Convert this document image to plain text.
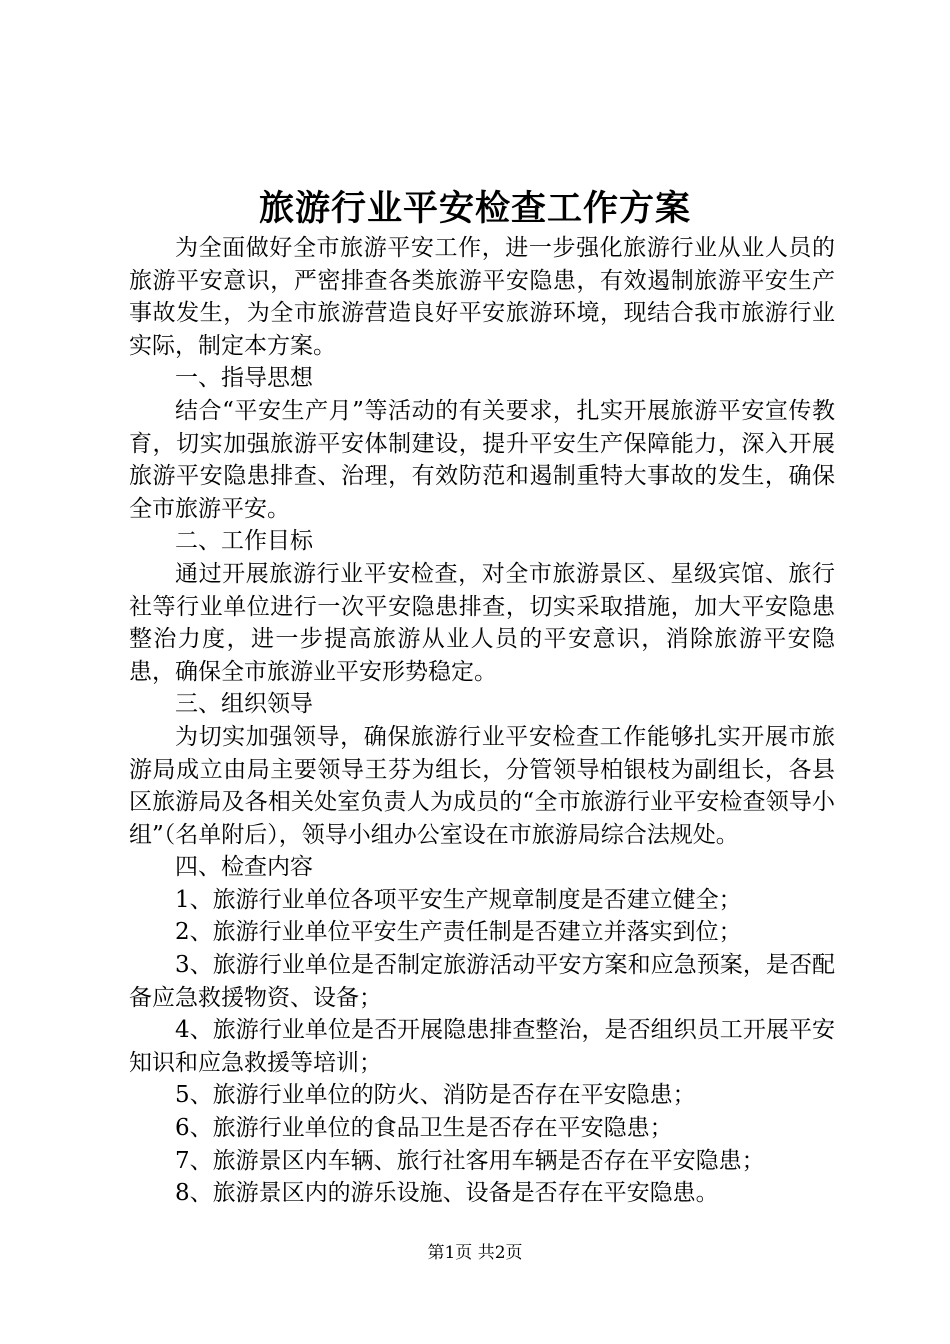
旅游行业平安检查工作方案

为全面做好全市旅游平安工作，进一步强化旅游行业从业人员的旅游平安意识，严密排查各类旅游平安隐患，有效遏制旅游平安生产事故发生，为全市旅游营造良好平安旅游环境，现结合我市旅游行业实际，制定本方案。

一、指导思想

结合“平安生产月”等活动的有关要求，扎实开展旅游平安宣传教育，切实加强旅游平安体制建设，提升平安生产保障能力，深入开展旅游平安隐患排查、治理，有效防范和遏制重特大事故的发生，确保全市旅游平安。

二、工作目标

通过开展旅游行业平安检查，对全市旅游景区、星级宾馆、旅行社等行业单位进行一次平安隐患排查，切实采取措施，加大平安隐患整治力度，进一步提高旅游从业人员的平安意识，消除旅游平安隐患，确保全市旅游业平安形势稳定。

三、组织领导

为切实加强领导，确保旅游行业平安检查工作能够扎实开展市旅游局成立由局主要领导王芬为组长，分管领导柏银枝为副组长，各县区旅游局及各相关处室负责人为成员的“全市旅游行业平安检查领导小组”（名单附后），领导小组办公室设在市旅游局综合法规处。

四、检查内容

1、旅游行业单位各项平安生产规章制度是否建立健全；

2、旅游行业单位平安生产责任制是否建立并落实到位；

3、旅游行业单位是否制定旅游活动平安方案和应急预案，是否配备应急救援物资、设备；

4、旅游行业单位是否开展隐患排查整治，是否组织员工开展平安知识和应急救援等培训；

5、旅游行业单位的防火、消防是否存在平安隐患；

6、旅游行业单位的食品卫生是否存在平安隐患；

7、旅游景区内车辆、旅行社客用车辆是否存在平安隐患；

8、旅游景区内的游乐设施、设备是否存在平安隐患。

第1页 共2页
